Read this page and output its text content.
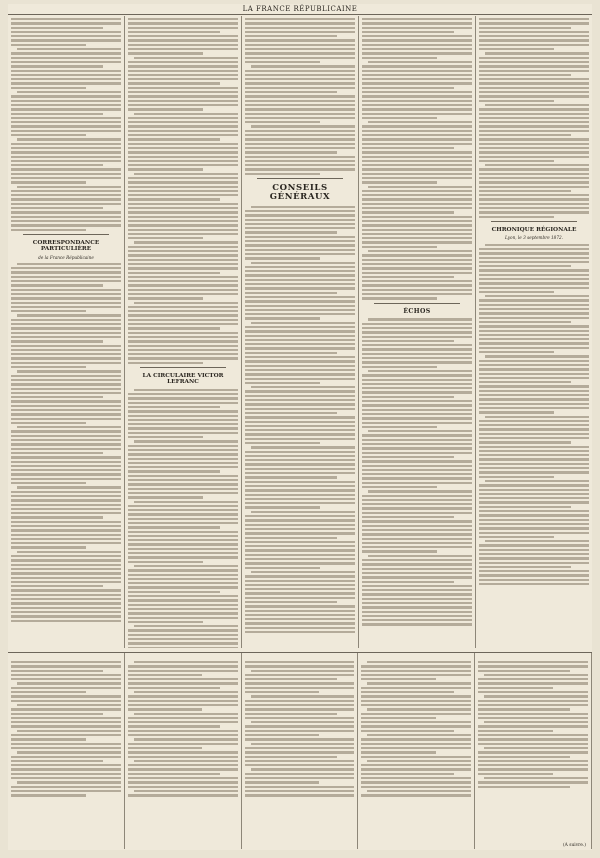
LA FRANCE RÉPUBLICAINE
CORRESPONDANCE PARTICULIÈRE
de la France Républicaine
LA CIRCULAIRE VICTOR LEFRANC
CONSEILS GÉNÉRAUX
ÉCHOS
CHRONIQUE RÉGIONALE
Lyon, le 3 septembre 1872.
(A suivre.)
